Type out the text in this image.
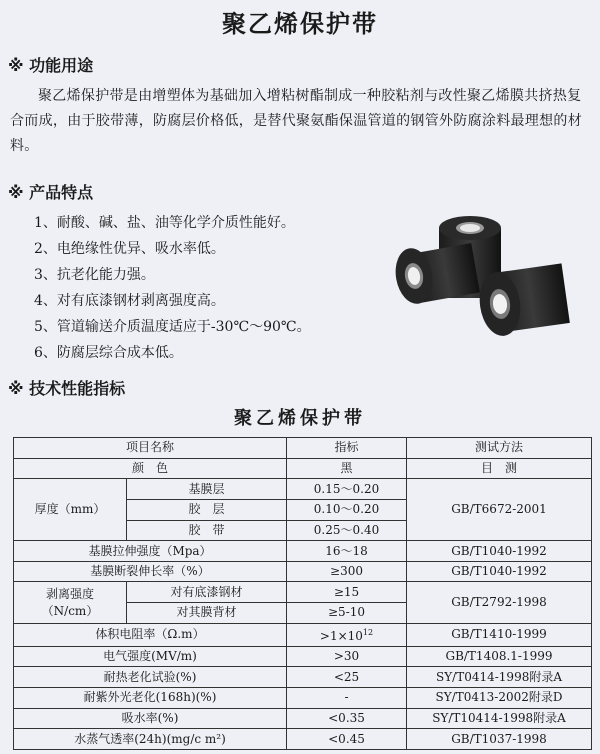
聚乙烯保护带
※ 功能用途
聚乙烯保护带是由增塑体为基础加入增粘树酯制成一种胶粘剂与改性聚乙烯膜共挤热复合而成，由于胶带薄，防腐层价格低，是替代聚氨酯保温管道的钢管外防腐涂料最理想的材料。
※ 产品特点
1、耐酸、碱、盐、油等化学介质性能好。
2、电绝缘性优异、吸水率低。
3、抗老化能力强。
4、对有底漆钢材剥离强度高。
5、管道输送介质温度适应于-30℃～90℃。
6、防腐层综合成本低。
※ 技术性能指标
聚乙烯保护带
项目名称		指标	测试方法
颜　色		黑	目　测
厚度（mm）	基膜层	0.15～0.20	GB/T6672-2001
	胶　层	0.10～0.20	
	胶　带	0.25～0.40	
基膜拉伸强度（Mpa）		16～18	GB/T1040-1992
基膜断裂伸长率（%）		≥300	GB/T1040-1992
剥离强度
（N/cm）	对有底漆钢材	≥15	GB/T2792-1998
	对其膜背材	≥5-10	
体积电阻率（Ω.m）		$>1\times 10^{12}$	GB/T1410-1999
电气强度(MV/m)		>30	GB/T1408.1-1999
耐热老化试验(%)		<25	SY/T0414-1998附录A
耐紫外光老化(168h)(%)		-	SY/T0413-2002附录D
吸水率(%)		<0.35	SY/T10414-1998附录A
水蒸气透率(24h)(mg/c m²)		<0.45	GB/T1037-1998
